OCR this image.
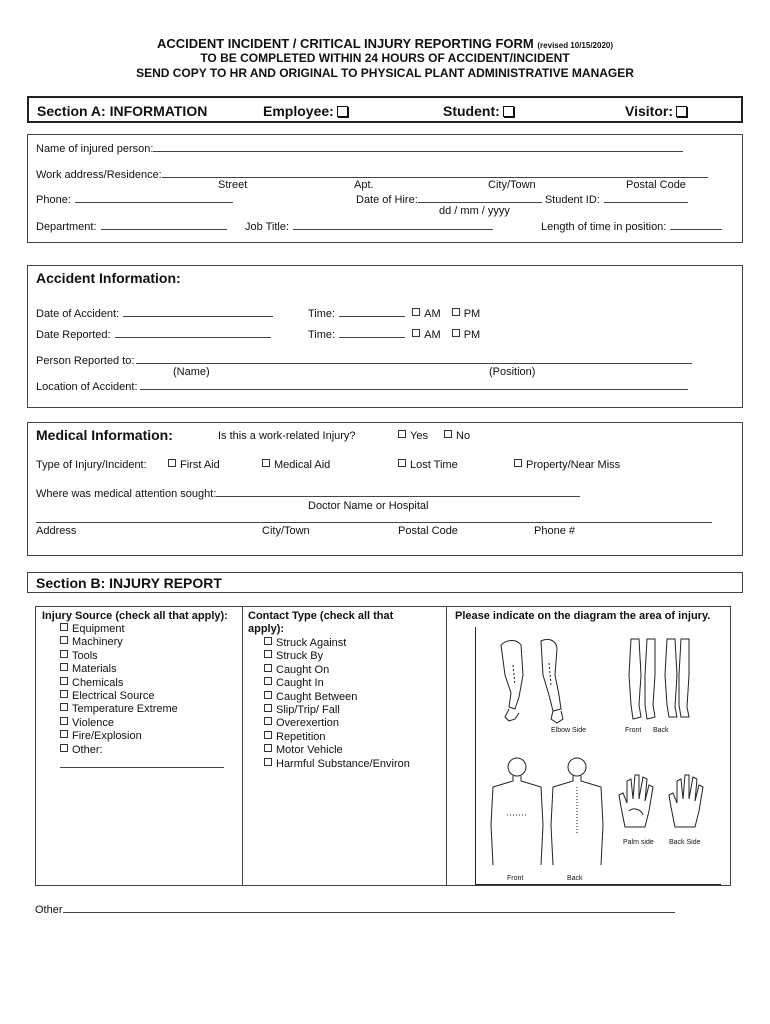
ACCIDENT INCIDENT / CRITICAL INJURY REPORTING FORM (revised 10/15/2020)
TO BE COMPLETED WITHIN 24 HOURS OF ACCIDENT/INCIDENT
SEND COPY TO HR AND ORIGINAL TO PHYSICAL PLANT ADMINISTRATIVE MANAGER
Section A: INFORMATION	Employee:	Student:	Visitor:
Name of injured person:
Work address/Residence:
Street	Apt.	City/Town	Postal Code
Phone:	Date of Hire:	Student ID:
dd / mm / yyyy
Department:	Job Title:	Length of time in position:
Accident Information:
Date of Accident:	Time:	AM PM
Date Reported:	Time:	AM PM
Person Reported to:
(Name)	(Position)
Location of Accident:
Medical Information:	Is this a work-related Injury?	Yes	No
Type of Injury/Incident:	First Aid	Medical Aid	Lost Time	Property/Near Miss
Where was medical attention sought:
Doctor Name or Hospital
Address	City/Town	Postal Code	Phone #
Section B: INJURY REPORT
Injury Source (check all that apply):
Equipment
Machinery
Tools
Materials
Chemicals
Electrical Source
Temperature Extreme
Violence
Fire/Explosion
Other:
Contact Type (check all that
apply):
Struck Against
Struck By
Caught On
Caught In
Caught Between
Slip/Trip/ Fall
Overexertion
Repetition
Motor Vehicle
Harmful Substance/Environ
Please indicate on the diagram the area of injury.
Elbow Side	Front Back
Front	Back
Palm side Back Side
Other
